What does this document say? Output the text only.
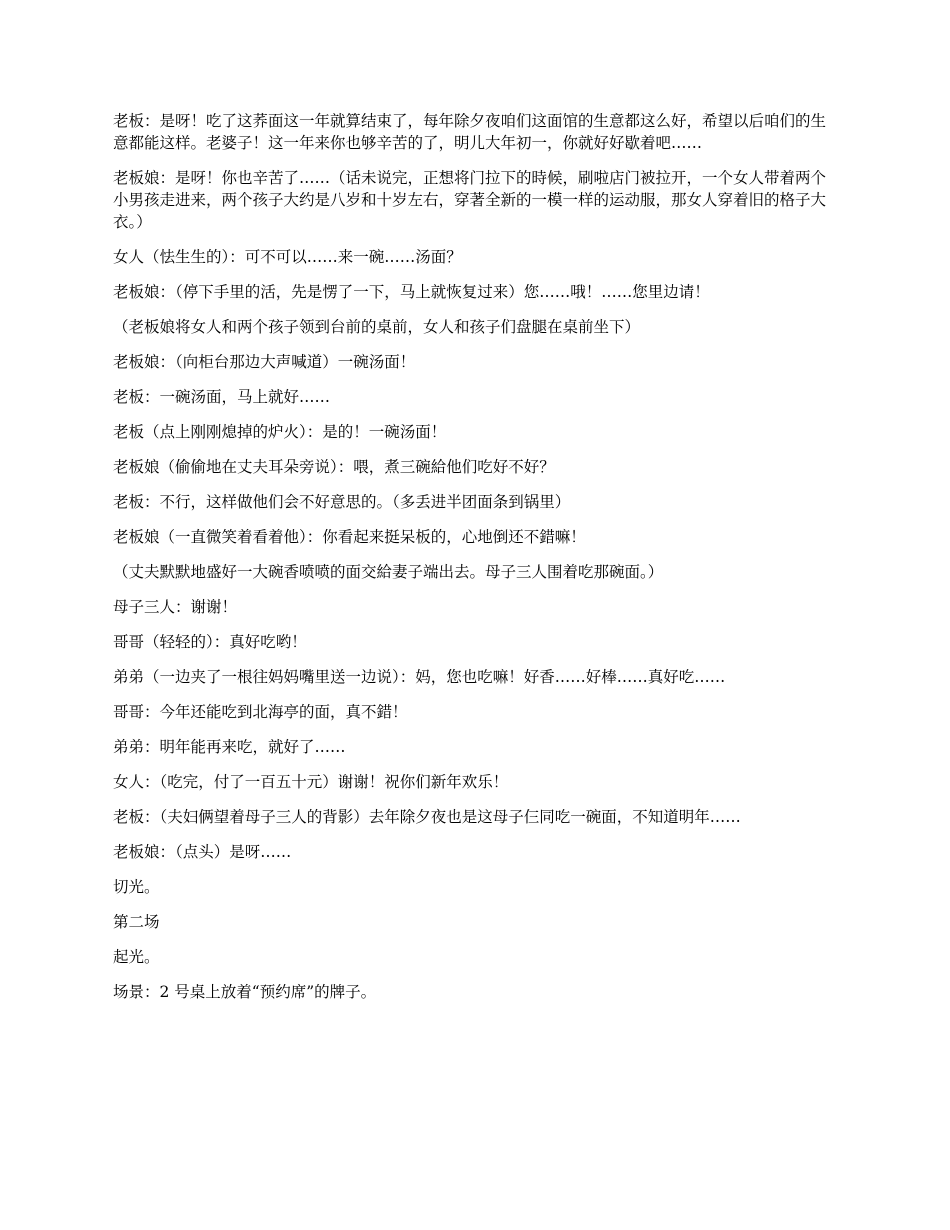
老板：是呀！吃了这荞面这一年就算结束了，每年除夕夜咱们这面馆的生意都这么好，希望以后咱们的生意都能这样。老婆子！这一年来你也够辛苦的了，明儿大年初一，你就好好歇着吧……

老板娘：是呀！你也辛苦了……（话未说完，正想将门拉下的時候，刷啦店门被拉开，一个女人带着两个小男孩走进来，两个孩子大约是八岁和十岁左右，穿著全新的一模一样的运动服，那女人穿着旧的格子大衣。）

女人（怯生生的）：可不可以……来一碗……汤面？

老板娘：（停下手里的活，先是愣了一下，马上就恢复过来）您……哦！……您里边请！

（老板娘将女人和两个孩子领到台前的桌前，女人和孩子们盘腿在桌前坐下）

老板娘：（向柜台那边大声喊道）一碗汤面！

老板：一碗汤面，马上就好……

老板（点上刚刚熄掉的炉火）：是的！一碗汤面！

老板娘（偷偷地在丈夫耳朵旁说）：喂，煮三碗給他们吃好不好？

老板：不行，这样做他们会不好意思的。（多丢进半团面条到锅里）

老板娘（一直微笑着看着他）：你看起来挺呆板的，心地倒还不錯嘛！

（丈夫默默地盛好一大碗香喷喷的面交給妻子端出去。母子三人围着吃那碗面。）

母子三人：谢谢！

哥哥（轻轻的）：真好吃哟！

弟弟（一边夹了一根往妈妈嘴里送一边说）：妈，您也吃嘛！好香……好棒……真好吃……

哥哥：今年还能吃到北海亭的面，真不錯！

弟弟：明年能再来吃，就好了……

女人：（吃完，付了一百五十元）谢谢！祝你们新年欢乐！

老板：（夫妇俩望着母子三人的背影）去年除夕夜也是这母子仨同吃一碗面，不知道明年……

老板娘：（点头）是呀……

切光。

第二场

起光。

场景：2 号桌上放着“预约席”的牌子。
